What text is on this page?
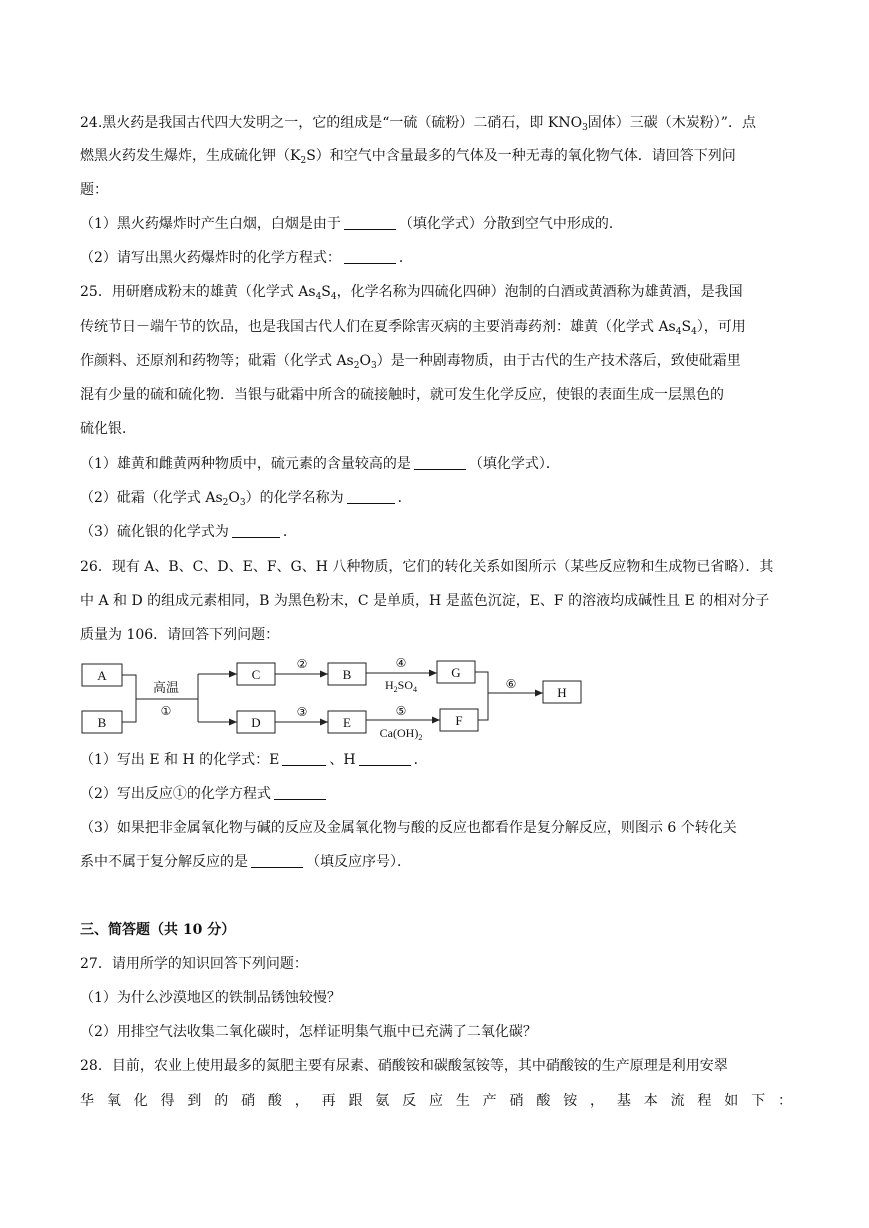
24.黑火药是我国古代四大发明之一，它的组成是“一硫（硫粉）二硝石，即 $KNO_3$固体）三碳（木炭粉）”．点
燃黑火药发生爆炸，生成硫化钾$(K_2S)$和空气中含量最多的气体及一种无毒的氧化物气体．请回答下列问
题：
（1）黑火药爆炸时产生白烟，白烟是由于	（填化学式）分散到空气中形成的．
（2）请写出黑火药爆炸时的化学方程式：	．
25．用研磨成粉末的雄黄（化学式 $As_4S_4$，化学名称为四硫化四砷）泡制的白酒或黄酒称为雄黄酒，是我国
传统节日－端午节的饮品，也是我国古代人们在夏季除害灭病的主要消毒药剂：雄黄（化学式 $As_4S_4$），可用
作颜料、还原剂和药物等；砒霜（化学式 $As_2O_3$）是一种剧毒物质，由于古代的生产技术落后，致使砒霜里
混有少量的硫和硫化物．当银与砒霜中所含的硫接触时，就可发生化学反应，使银的表面生成一层黑色的
硫化银．
（1）雄黄和雌黄两种物质中，硫元素的含量较高的是	（填化学式）．
（2）砒霜（化学式 $As_2O_3$）的化学名称为	．
（3）硫化银的化学式为	．
26．现有 A、B、C、D、E、F、G、H 八种物质，它们的转化关系如图所示（某些反应物和生成物已省略）．其
中 A 和 D 的组成元素相同，B 为黑色粉末，C 是单质，H 是蓝色沉淀，E、F 的溶液均成碱性且 E 的相对分子
质量为 106．请回答下列问题：
A
B
C
D
B
E
G
F
H
高温
①
②
③
④
⑤
⑥
$H_2SO_4$
$Ca(OH)_2$
（1）写出 E 和 H 的化学式：E	、H	．
（2）写出反应①的化学方程式
（3）如果把非金属氧化物与碱的反应及金属氧化物与酸的反应也都看作是复分解反应，则图示 6 个转化关
系中不属于复分解反应的是	（填反应序号）．
三、简答题（共 10 分）
27．请用所学的知识回答下列问题：
（1）为什么沙漠地区的铁制品锈蚀较慢？
（2）用排空气法收集二氧化碳时，怎样证明集气瓶中已充满了二氧化碳？
28．目前，农业上使用最多的氮肥主要有尿素、硝酸铵和碳酸氢铵等，其中硝酸铵的生产原理是利用安翠
华 氧 化 得 到 的 硝 酸 ， 再 跟 氨 反 应 生 产 硝 酸 铵 ， 基 本 流 程 如 下 ：
